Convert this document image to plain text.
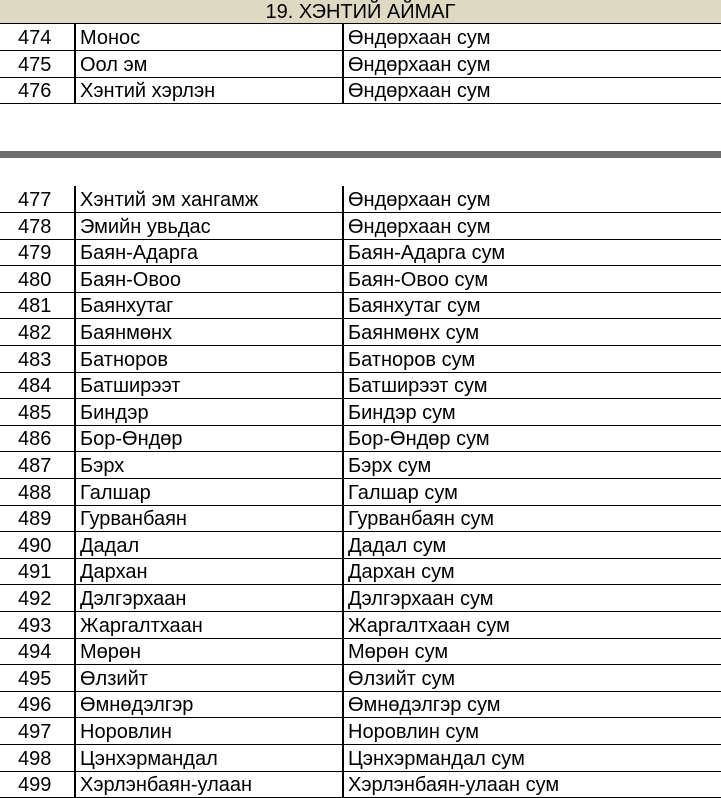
19. ХЭНТИЙ АЙМАГ
474	Монос	Өндөрхаан сум
475	Оол эм	Өндөрхаан сум
476	Хэнтий хэрлэн	Өндөрхаан сум
477	Хэнтий эм хангамж	Өндөрхаан сум
478	Эмийн увьдас	Өндөрхаан сум
479	Баян-Адарга	Баян-Адарга сум
480	Баян-Овоо	Баян-Овоо сум
481	Баянхутаг	Баянхутаг сум
482	Баянмөнх	Баянмөнх сум
483	Батноров	Батноров сум
484	Батширээт	Батширээт сум
485	Биндэр	Биндэр сум
486	Бор-Өндөр	Бор-Өндөр сум
487	Бэрх	Бэрх сум
488	Галшар	Галшар сум
489	Гурванбаян	Гурванбаян сум
490	Дадал	Дадал сум
491	Дархан	Дархан сум
492	Дэлгэрхаан	Дэлгэрхаан сум
493	Жаргалтхаан	Жаргалтхаан сум
494	Мөрөн	Мөрөн сум
495	Өлзийт	Өлзийт сум
496	Өмнөдэлгэр	Өмнөдэлгэр сум
497	Норовлин	Норовлин сум
498	Цэнхэрмандал	Цэнхэрмандал сум
499	Хэрлэнбаян-улаан	Хэрлэнбаян-улаан сум
